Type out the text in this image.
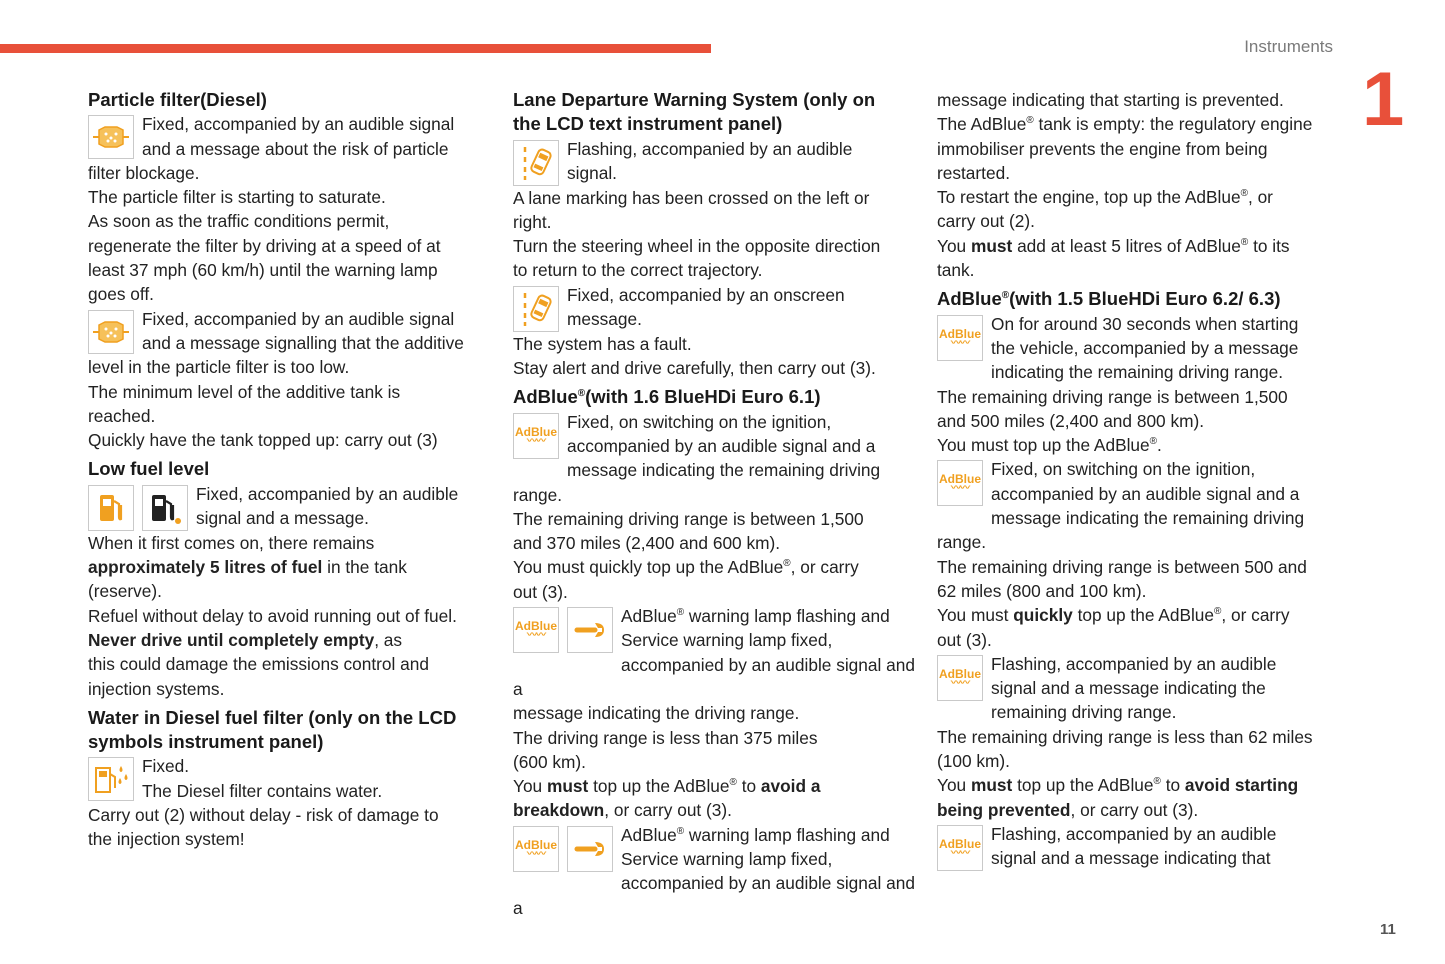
Instruments
1
11
Particle filter(Diesel)

Fixed, accompanied by an audible signal

and a message about the risk of particle

filter blockage.

The particle filter is starting to saturate.

As soon as the traffic conditions permit,

regenerate the filter by driving at a speed of at

least 37 mph (60 km/h) until the warning lamp

goes off.

Fixed, accompanied by an audible signal

and a message signalling that the additive

level in the particle filter is too low.

The minimum level of the additive tank is

reached.

Quickly have the tank topped up: carry out (3)

Low fuel level

Fixed, accompanied by an audible

signal and a message.

When it first comes on, there remains

approximately 5 litres of fuel in the tank

(reserve).

Refuel without delay to avoid running out of fuel.

Never drive until completely empty, as

this could damage the emissions control and

injection systems.

Water in Diesel fuel filter (only on the LCD
symbols instrument panel)

Fixed.

The Diesel filter contains water.

Carry out (2) without delay - risk of damage to

the injection system!

Lane Departure Warning System (only on
the LCD text instrument panel)

Flashing, accompanied by an audible

signal.

A lane marking has been crossed on the left or

right.

Turn the steering wheel in the opposite direction

to return to the correct trajectory.

Fixed, accompanied by an onscreen

message.

The system has a fault.

Stay alert and drive carefully, then carry out (3).

AdBlue®(with 1.6 BlueHDi Euro 6.1)
AdBlue
〰〰

Fixed, on switching on the ignition,

accompanied by an audible signal and a

message indicating the remaining driving range.

The remaining driving range is between 1,500

and 370 miles (2,400 and 600 km).

You must quickly top up the AdBlue®, or carry

out (3).

AdBlue
〰〰

AdBlue® warning lamp flashing and

Service warning lamp fixed,

accompanied by an audible signal and a

message indicating the driving range.

The driving range is less than 375 miles

(600 km).

You must top up the AdBlue® to avoid a

breakdown, or carry out (3).

AdBlue
〰〰

AdBlue® warning lamp flashing and

Service warning lamp fixed,

accompanied by an audible signal and a

message indicating that starting is prevented.

The AdBlue® tank is empty: the regulatory engine

immobiliser prevents the engine from being

restarted.

To restart the engine, top up the AdBlue®, or

carry out (2).

You must add at least 5 litres of AdBlue® to its

tank.

AdBlue®(with 1.5 BlueHDi Euro 6.2/ 6.3)
AdBlue
〰〰

On for around 30 seconds when starting

the vehicle, accompanied by a message

indicating the remaining driving range.

The remaining driving range is between 1,500

and 500 miles (2,400 and 800 km).

You must top up the AdBlue®.

AdBlue
〰〰

Fixed, on switching on the ignition,

accompanied by an audible signal and a

message indicating the remaining driving range.

The remaining driving range is between 500 and

62 miles (800 and 100 km).

You must quickly top up the AdBlue®, or carry

out (3).

AdBlue
〰〰

Flashing, accompanied by an audible

signal and a message indicating the

remaining driving range.

The remaining driving range is less than 62 miles

(100 km).

You must top up the AdBlue® to avoid starting

being prevented, or carry out (3).

AdBlue
〰〰

Flashing, accompanied by an audible

signal and a message indicating that
